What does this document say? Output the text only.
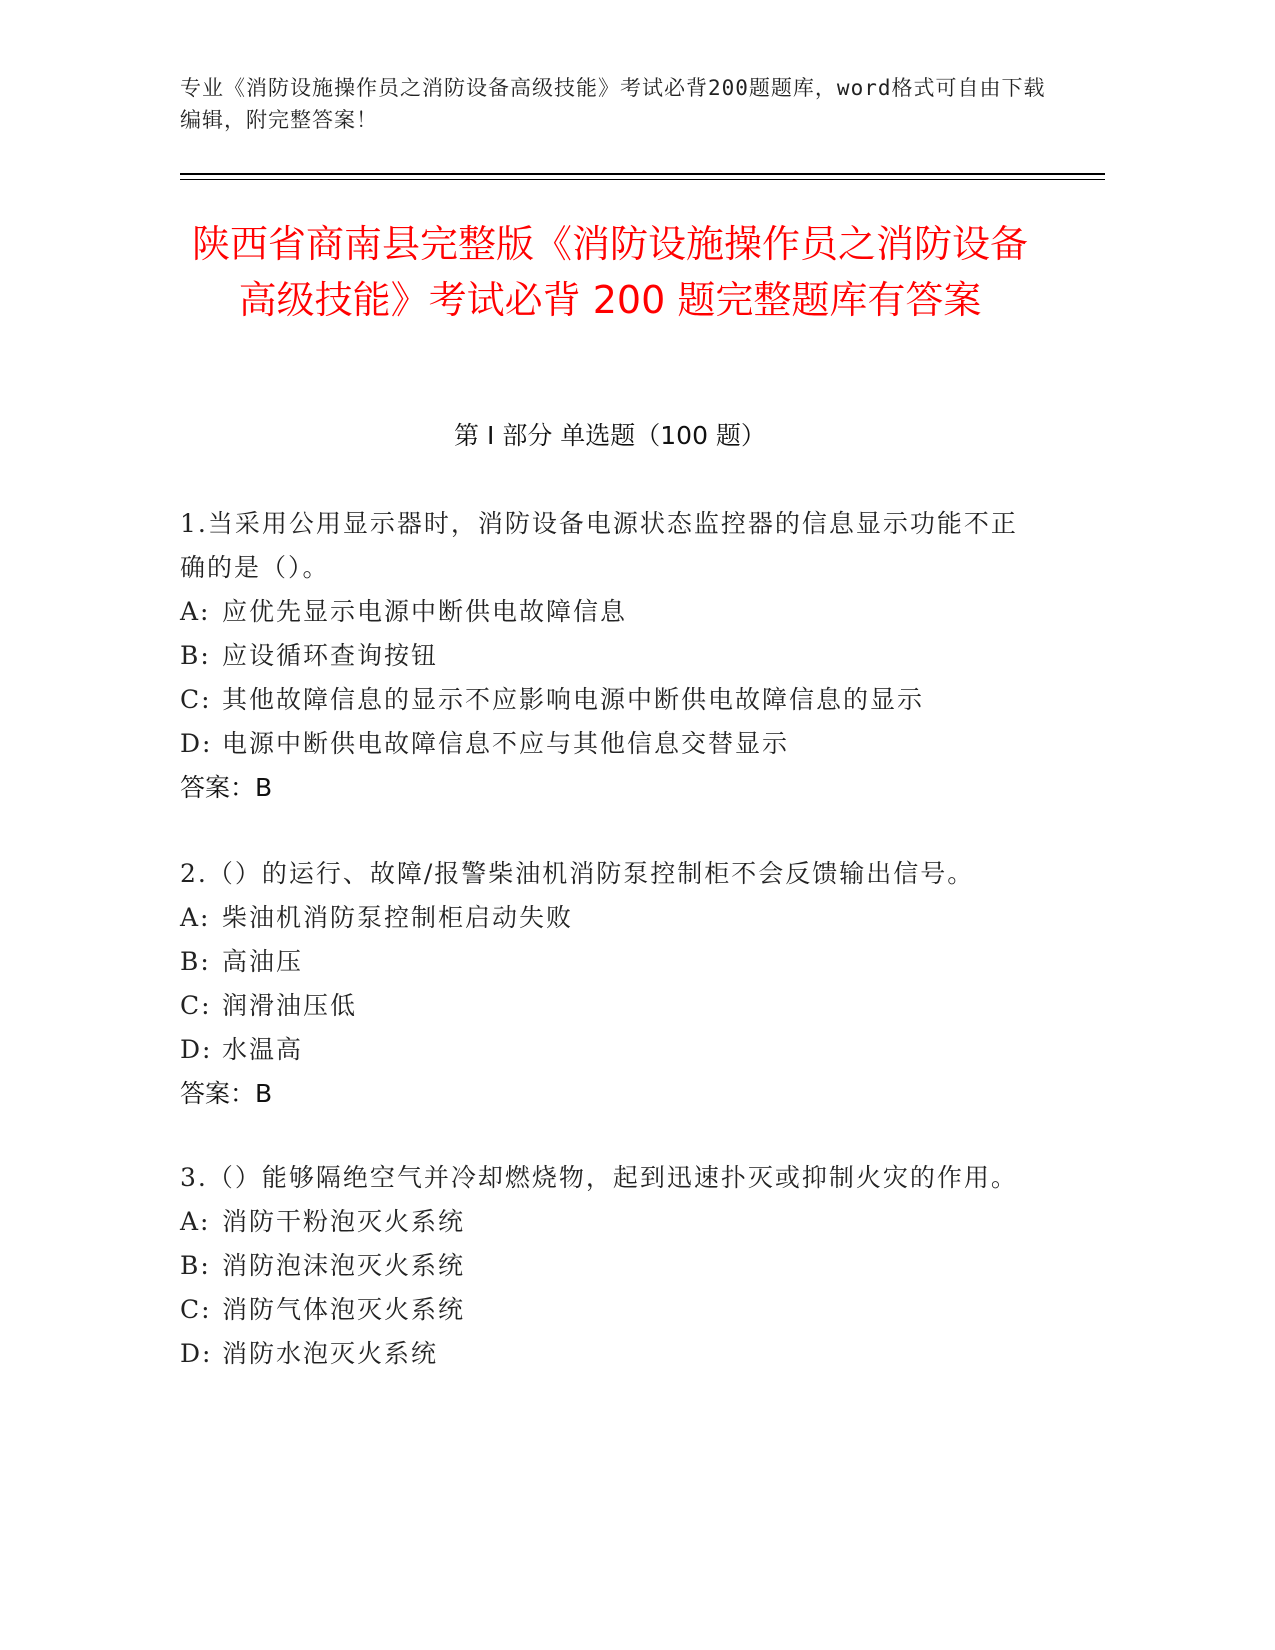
专业《消防设施操作员之消防设备高级技能》考试必背200题题库，word格式可自由下载编辑，附完整答案！
陕西省商南县完整版《消防设施操作员之消防设备高级技能》考试必背 200 题完整题库有答案
第 I 部分 单选题（100 题）

1.当采用公用显示器时，消防设备电源状态监控器的信息显示功能不正确的是（）。

A: 应优先显示电源中断供电故障信息

B: 应设循环查询按钮

C: 其他故障信息的显示不应影响电源中断供电故障信息的显示

D: 电源中断供电故障信息不应与其他信息交替显示

答案：B

2.（）的运行、故障/报警柴油机消防泵控制柜不会反馈输出信号。

A: 柴油机消防泵控制柜启动失败

B: 高油压

C: 润滑油压低

D: 水温高

答案：B

3.（）能够隔绝空气并冷却燃烧物，起到迅速扑灭或抑制火灾的作用。

A: 消防干粉泡灭火系统

B: 消防泡沫泡灭火系统

C: 消防气体泡灭火系统

D: 消防水泡灭火系统
